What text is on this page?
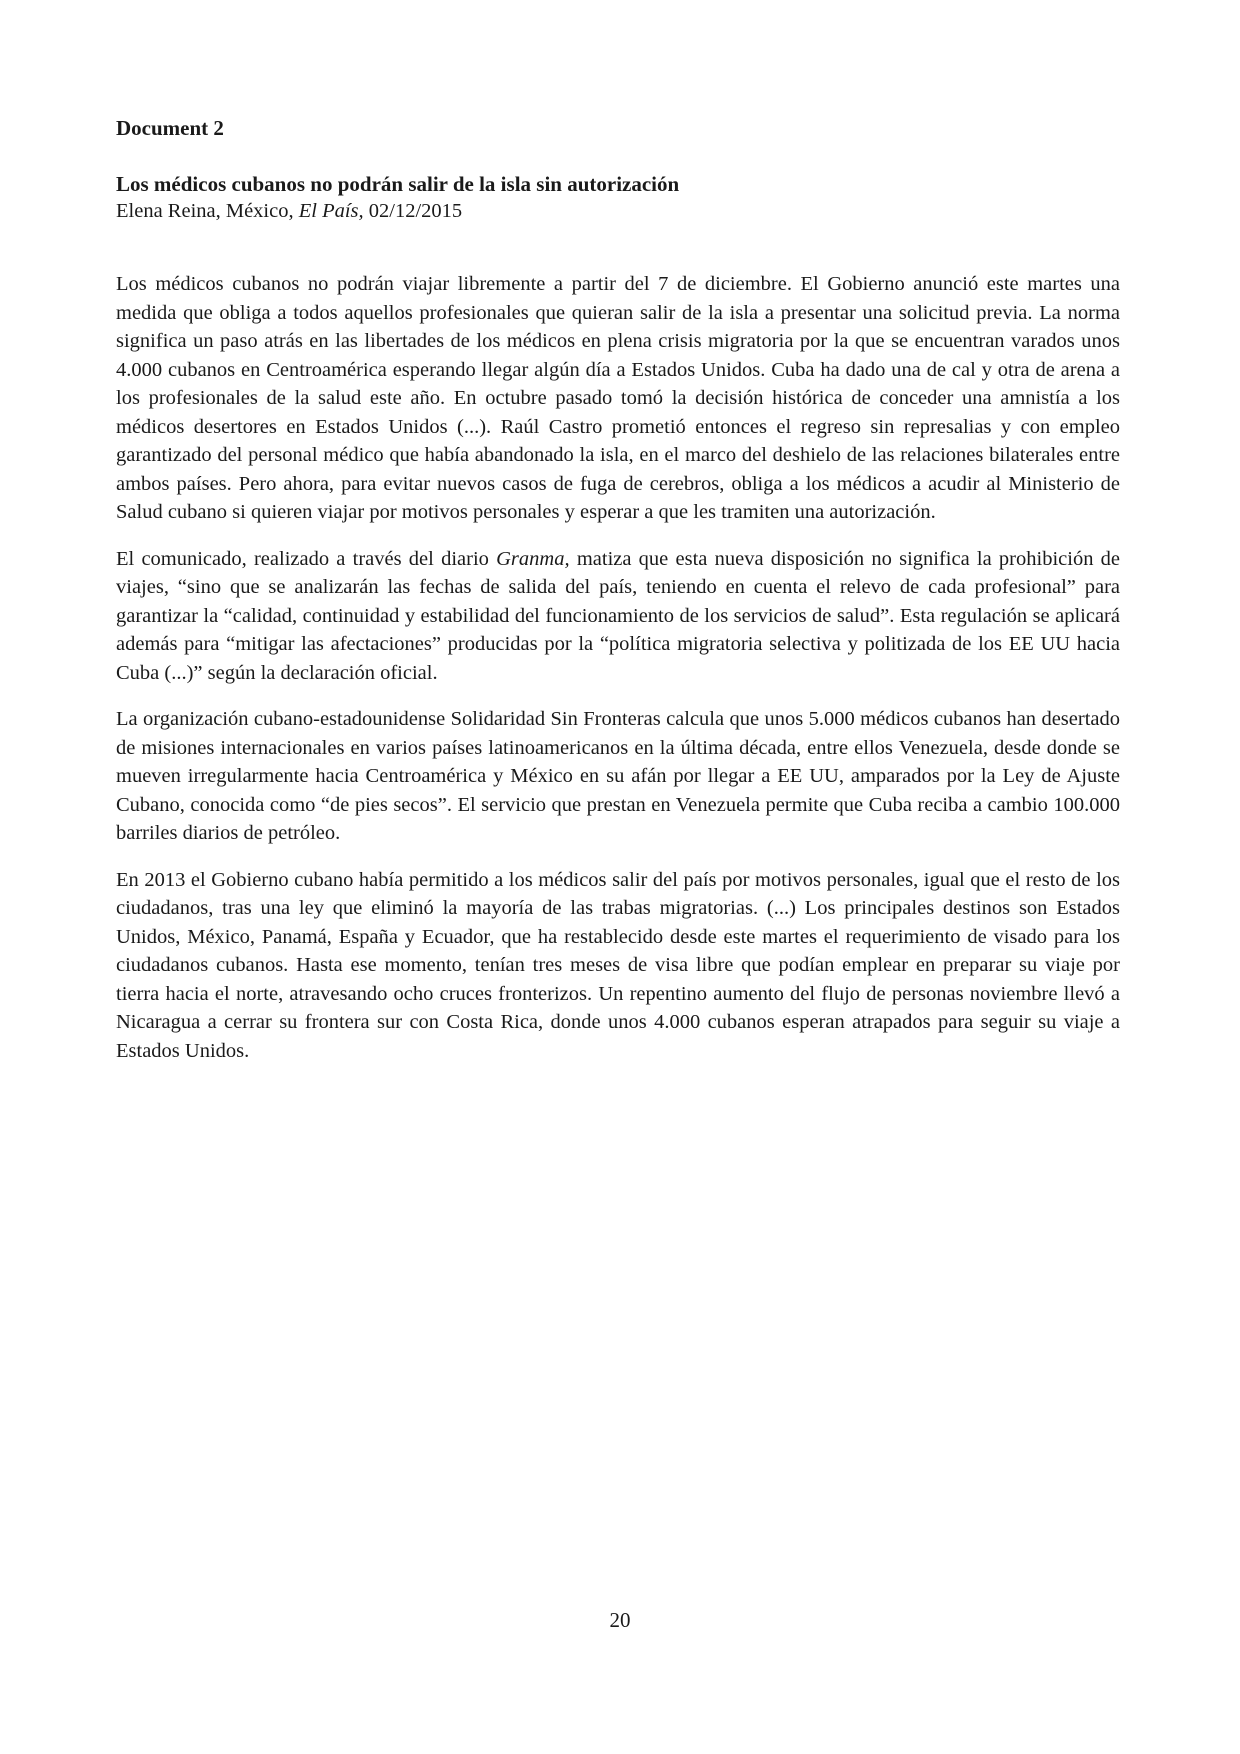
Document 2
Los médicos cubanos no podrán salir de la isla sin autorización
Elena Reina, México, El País, 02/12/2015

Los médicos cubanos no podrán viajar libremente a partir del 7 de diciembre. El Gobierno anunció este martes una medida que obliga a todos aquellos profesionales que quieran salir de la isla a presentar una solicitud previa. La norma significa un paso atrás en las libertades de los médicos en plena crisis migratoria por la que se encuentran varados unos 4.000 cubanos en Centroamérica esperando llegar algún día a Estados Unidos. Cuba ha dado una de cal y otra de arena a los profesionales de la salud este año. En octubre pasado tomó la decisión histórica de conceder una amnistía a los médicos desertores en Estados Unidos (...). Raúl Castro prometió entonces el regreso sin represalias y con empleo garantizado del personal médico que había abandonado la isla, en el marco del deshielo de las relaciones bilaterales entre ambos países. Pero ahora, para evitar nuevos casos de fuga de cerebros, obliga a los médicos a acudir al Ministerio de Salud cubano si quieren viajar por motivos personales y esperar a que les tramiten una autorización.

El comunicado, realizado a través del diario Granma, matiza que esta nueva disposición no significa la prohibición de viajes, “sino que se analizarán las fechas de salida del país, teniendo en cuenta el relevo de cada profesional” para garantizar la “calidad, continuidad y estabilidad del funcionamiento de los servicios de salud”. Esta regulación se aplicará además para “mitigar las afectaciones” producidas por la “política migratoria selectiva y politizada de los EE UU hacia Cuba (...)” según la declaración oficial.

La organización cubano-estadounidense Solidaridad Sin Fronteras calcula que unos 5.000 médicos cubanos han desertado de misiones internacionales en varios países latinoamericanos en la última década, entre ellos Venezuela, desde donde se mueven irregularmente hacia Centroamérica y México en su afán por llegar a EE UU, amparados por la Ley de Ajuste Cubano, conocida como “de pies secos”. El servicio que prestan en Venezuela permite que Cuba reciba a cambio 100.000 barriles diarios de petróleo.

En 2013 el Gobierno cubano había permitido a los médicos salir del país por motivos personales, igual que el resto de los ciudadanos, tras una ley que eliminó la mayoría de las trabas migratorias. (...) Los principales destinos son Estados Unidos, México, Panamá, España y Ecuador, que ha restablecido desde este martes el requerimiento de visado para los ciudadanos cubanos. Hasta ese momento, tenían tres meses de visa libre que podían emplear en preparar su viaje por tierra hacia el norte, atravesando ocho cruces fronterizos. Un repentino aumento del flujo de personas noviembre llevó a Nicaragua a cerrar su frontera sur con Costa Rica, donde unos 4.000 cubanos esperan atrapados para seguir su viaje a Estados Unidos.

20
